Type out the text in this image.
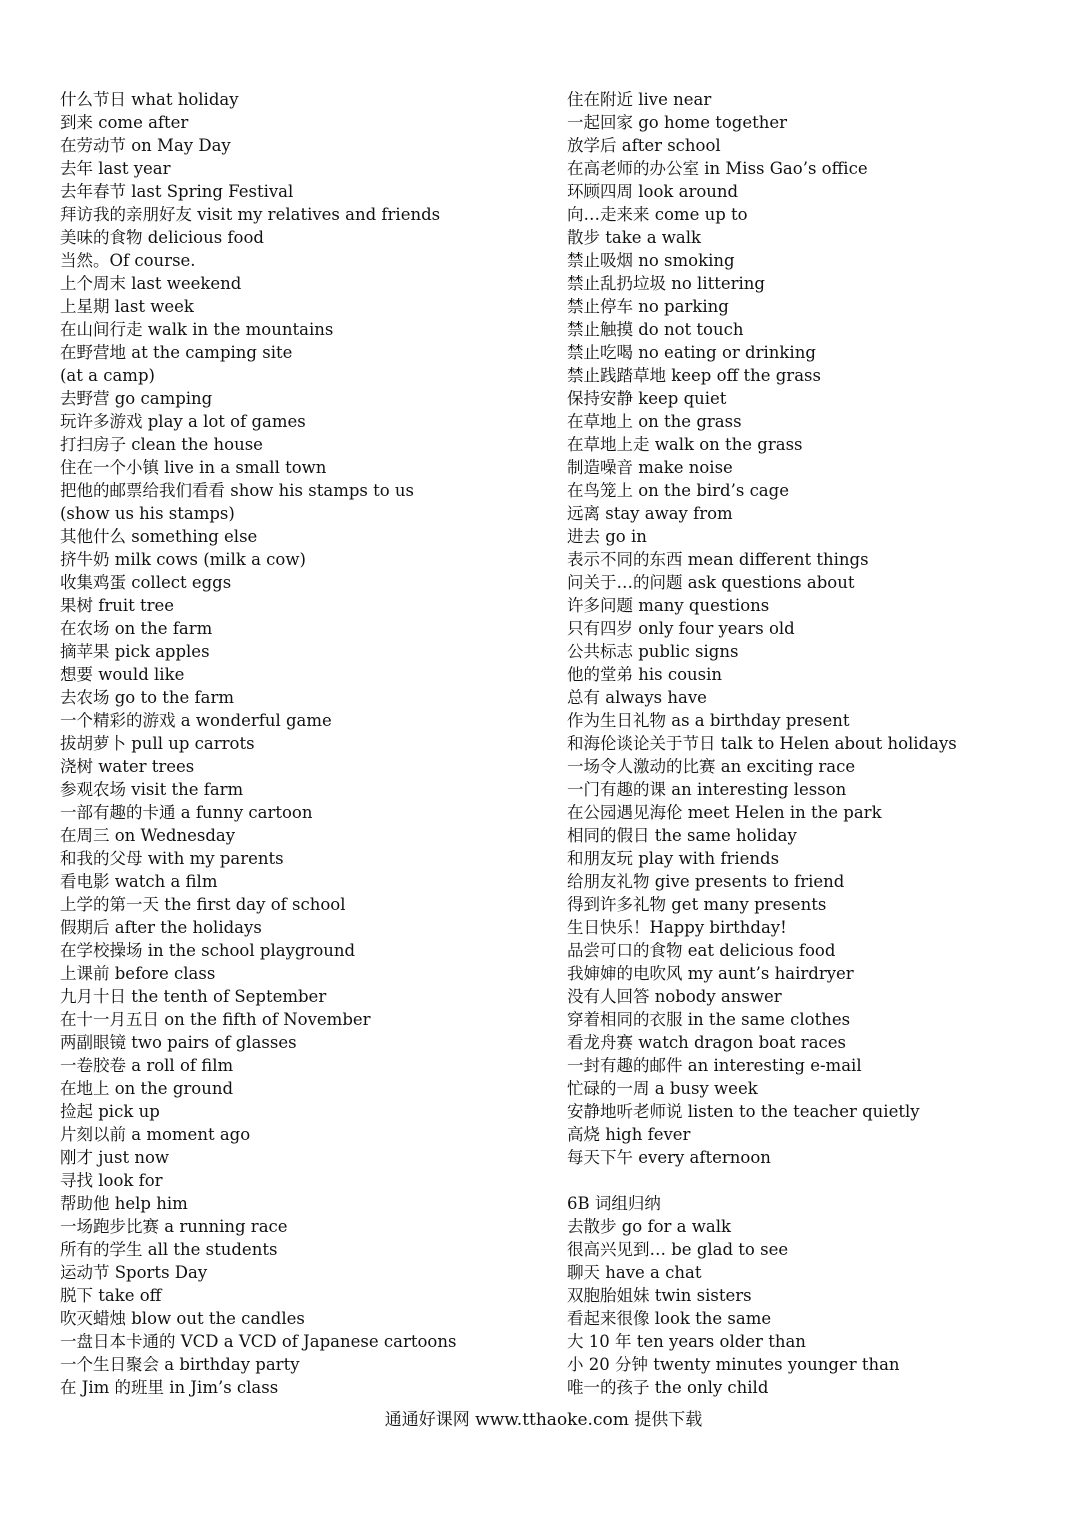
什么节日 what holiday
到来 come after
在劳动节 on May Day
去年 last year
去年春节 last Spring Festival
拜访我的亲朋好友 visit my relatives and friends
美味的食物 delicious food
当然。Of course.
上个周末 last weekend
上星期 last week
在山间行走 walk in the mountains
在野营地 at the camping site
(at a camp)
去野营 go camping
玩许多游戏 play a lot of games
打扫房子 clean the house
住在一个小镇 live in a small town
把他的邮票给我们看看 show his stamps to us
(show us his stamps)
其他什么 something else
挤牛奶 milk cows (milk a cow)
收集鸡蛋 collect eggs
果树 fruit tree
在农场 on the farm
摘苹果 pick apples
想要 would like
去农场 go to the farm
一个精彩的游戏 a wonderful game
拔胡萝卜 pull up carrots
浇树 water trees
参观农场 visit the farm
一部有趣的卡通 a funny cartoon
在周三 on Wednesday
和我的父母 with my parents
看电影 watch a film
上学的第一天 the first day of school
假期后 after the holidays
在学校操场 in the school playground
上课前 before class
九月十日 the tenth of September
在十一月五日 on the fifth of November
两副眼镜 two pairs of glasses
一卷胶卷 a roll of film
在地上 on the ground
捡起 pick up
片刻以前 a moment ago
刚才 just now
寻找 look for
帮助他 help him
一场跑步比赛 a running race
所有的学生 all the students
运动节 Sports Day
脱下 take off
吹灭蜡烛 blow out the candles
一盘日本卡通的 VCD a VCD of Japanese cartoons
一个生日聚会 a birthday party
在 Jim 的班里 in Jim’s class
住在附近 live near
一起回家 go home together
放学后 after school
在高老师的办公室 in Miss Gao’s office
环顾四周 look around
向…走来来 come up to
散步 take a walk
禁止吸烟 no smoking
禁止乱扔垃圾 no littering
禁止停车 no parking
禁止触摸 do not touch
禁止吃喝 no eating or drinking
禁止践踏草地 keep off the grass
保持安静 keep quiet
在草地上 on the grass
在草地上走 walk on the grass
制造噪音 make noise
在鸟笼上 on the bird’s cage
远离 stay away from
进去 go in
表示不同的东西 mean different things
问关于…的问题 ask questions about
许多问题 many questions
只有四岁 only four years old
公共标志 public signs
他的堂弟 his cousin
总有 always have
作为生日礼物 as a birthday present
和海伦谈论关于节日 talk to Helen about holidays
一场令人激动的比赛 an exciting race
一门有趣的课 an interesting lesson
在公园遇见海伦 meet Helen in the park
相同的假日 the same holiday
和朋友玩 play with friends
给朋友礼物 give presents to friend
得到许多礼物 get many presents
生日快乐！Happy birthday!
品尝可口的食物 eat delicious food
我婶婶的电吹风 my aunt’s hairdryer
没有人回答 nobody answer
穿着相同的衣服 in the same clothes
看龙舟赛 watch dragon boat races
一封有趣的邮件 an interesting e-mail
忙碌的一周 a busy week
安静地听老师说 listen to the teacher quietly
高烧 high fever
每天下午 every afternoon
6B 词组归纳
去散步 go for a walk
很高兴见到… be glad to see
聊天 have a chat
双胞胎姐妹 twin sisters
看起来很像 look the same
大 10 年 ten years older than
小 20 分钟 twenty minutes younger than
唯一的孩子 the only child
通通好课网 www.tthaoke.com 提供下载
